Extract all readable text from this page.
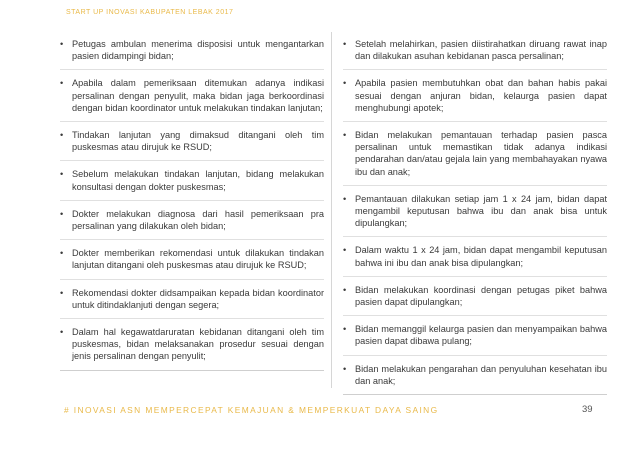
START UP INOVASI KABUPATEN LEBAK 2017
• Petugas ambulan menerima disposisi untuk mengantarkan pasien didampingi bidan;
• Apabila dalam pemeriksaan ditemukan adanya indikasi persalinan dengan penyulit, maka bidan jaga berkoordinasi dengan bidan koordinator untuk melakukan tindakan lanjutan;
• Tindakan lanjutan yang dimaksud ditangani oleh tim puskesmas atau dirujuk ke RSUD;
• Sebelum melakukan tindakan lanjutan, bidang melakukan konsultasi dengan dokter puskesmas;
• Dokter melakukan diagnosa dari hasil pemeriksaan pra persalinan yang dilakukan oleh bidan;
• Dokter memberikan rekomendasi untuk dilakukan tindakan lanjutan ditangani oleh puskesmas atau dirujuk ke RSUD;
• Rekomendasi dokter didsampaikan kepada bidan koordinator untuk ditindaklanjuti dengan segera;
• Dalam hal kegawatdaruratan kebidanan ditangani oleh tim puskesmas, bidan melaksanakan prosedur sesuai dengan jenis persalinan dengan penyulit;
• Setelah melahirkan, pasien diistirahatkan diruang rawat inap dan dilakukan asuhan kebidanan pasca persalinan;
• Apabila pasien membutuhkan obat dan bahan habis pakai sesuai dengan anjuran bidan, kelaurga pasien dapat menghubungi apotek;
• Bidan melakukan pemantauan terhadap pasien pasca persalinan untuk memastikan tidak adanya indikasi pendarahan dan/atau gejala lain yang membahayakan nyawa ibu dan anak;
• Pemantauan dilakukan setiap jam 1 x 24 jam, bidan dapat mengambil keputusan bahwa ibu dan anak bisa untuk dipulangkan;
• Dalam waktu 1 x 24 jam, bidan dapat mengambil keputusan bahwa ini ibu dan anak bisa dipulangkan;
• Bidan melakukan koordinasi dengan petugas piket bahwa pasien dapat dipulangkan;
• Bidan memanggil kelaurga pasien dan menyampaikan bahwa pasien dapat dibawa pulang;
• Bidan melakukan pengarahan dan penyuluhan kesehatan ibu dan anak;
# INOVASI ASN MEMPERCEPAT KEMAJUAN & MEMPERKUAT DAYA SAING	39
